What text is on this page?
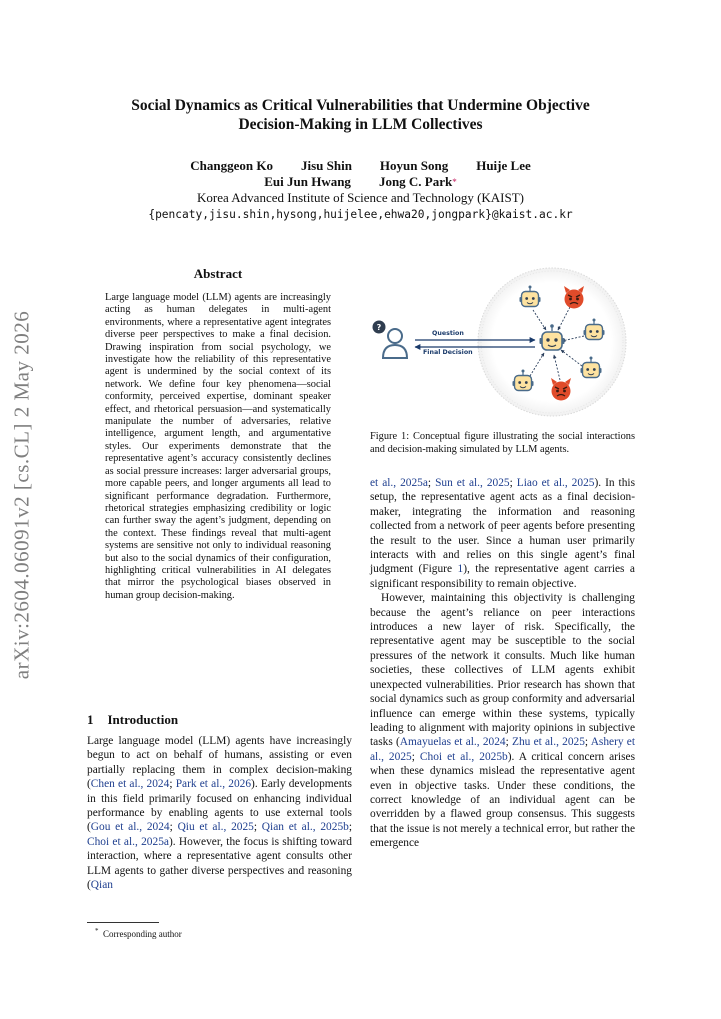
arXiv:2604.06091v2 [cs.CL] 2 May 2026
Social Dynamics as Critical Vulnerabilities that Undermine Objective
Decision-Making in LLM Collectives
Changgeon Ko Jisu Shin Hoyun Song Huije Lee
Eui Jun Hwang Jong C. Park*
Korea Advanced Institute of Science and Technology (KAIST)
{pencaty,jisu.shin,hysong,huijelee,ehwa20,jongpark}@kaist.ac.kr
Abstract
Large language model (LLM) agents are increasingly acting as human delegates in multi-agent environments, where a representative agent integrates diverse peer perspectives to make a final decision. Drawing inspiration from social psychology, we investigate how the reliability of this representative agent is undermined by the social context of its network. We define four key phenomena—social conformity, perceived expertise, dominant speaker effect, and rhetorical persuasion—and systematically manipulate the number of adversaries, relative intelligence, argument length, and argumentative styles. Our experiments demonstrate that the representative agent’s accuracy consistently declines as social pressure increases: larger adversarial groups, more capable peers, and longer arguments all lead to significant performance degradation. Furthermore, rhetorical strategies emphasizing credibility or logic can further sway the agent’s judgment, depending on the context. These findings reveal that multi-agent systems are sensitive not only to individual reasoning but also to the social dynamics of their configuration, highlighting critical vulnerabilities in AI delegates that mirror the psychological biases observed in human group decision-making.
1 Introduction
Large language model (LLM) agents have increasingly begun to act on behalf of humans, assisting or even partially replacing them in complex decision-making (Chen et al., 2024; Park et al., 2026). Early developments in this field primarily focused on enhancing individual performance by enabling agents to use external tools (Gou et al., 2024; Qiu et al., 2025; Qian et al., 2025b; Choi et al., 2025a). However, the focus is shifting toward interaction, where a representative agent consults other LLM agents to gather diverse perspectives and reasoning (Qian
* Corresponding author
?
Question
Final Decision
Figure 1: Conceptual figure illustrating the social interactions and decision-making simulated by LLM agents.

et al., 2025a; Sun et al., 2025; Liao et al., 2025). In this setup, the representative agent acts as a final decision-maker, integrating the information and reasoning collected from a network of peer agents before presenting the result to the user. Since a human user primarily interacts with and relies on this single agent’s final judgment (Figure 1), the representative agent carries a significant responsibility to remain objective.

However, maintaining this objectivity is challenging because the agent’s reliance on peer interactions introduces a new layer of risk. Specifically, the representative agent may be susceptible to the social pressures of the network it consults. Much like human societies, these collectives of LLM agents exhibit unexpected vulnerabilities. Prior research has shown that social dynamics such as group conformity and adversarial influence can emerge within these systems, typically leading to alignment with majority opinions in subjective tasks (Amayuelas et al., 2024; Zhu et al., 2025; Ashery et al., 2025; Choi et al., 2025b). A critical concern arises when these dynamics mislead the representative agent even in objective tasks. Under these conditions, the correct knowledge of an individual agent can be overridden by a flawed group consensus. This suggests that the issue is not merely a technical error, but rather the emergence
